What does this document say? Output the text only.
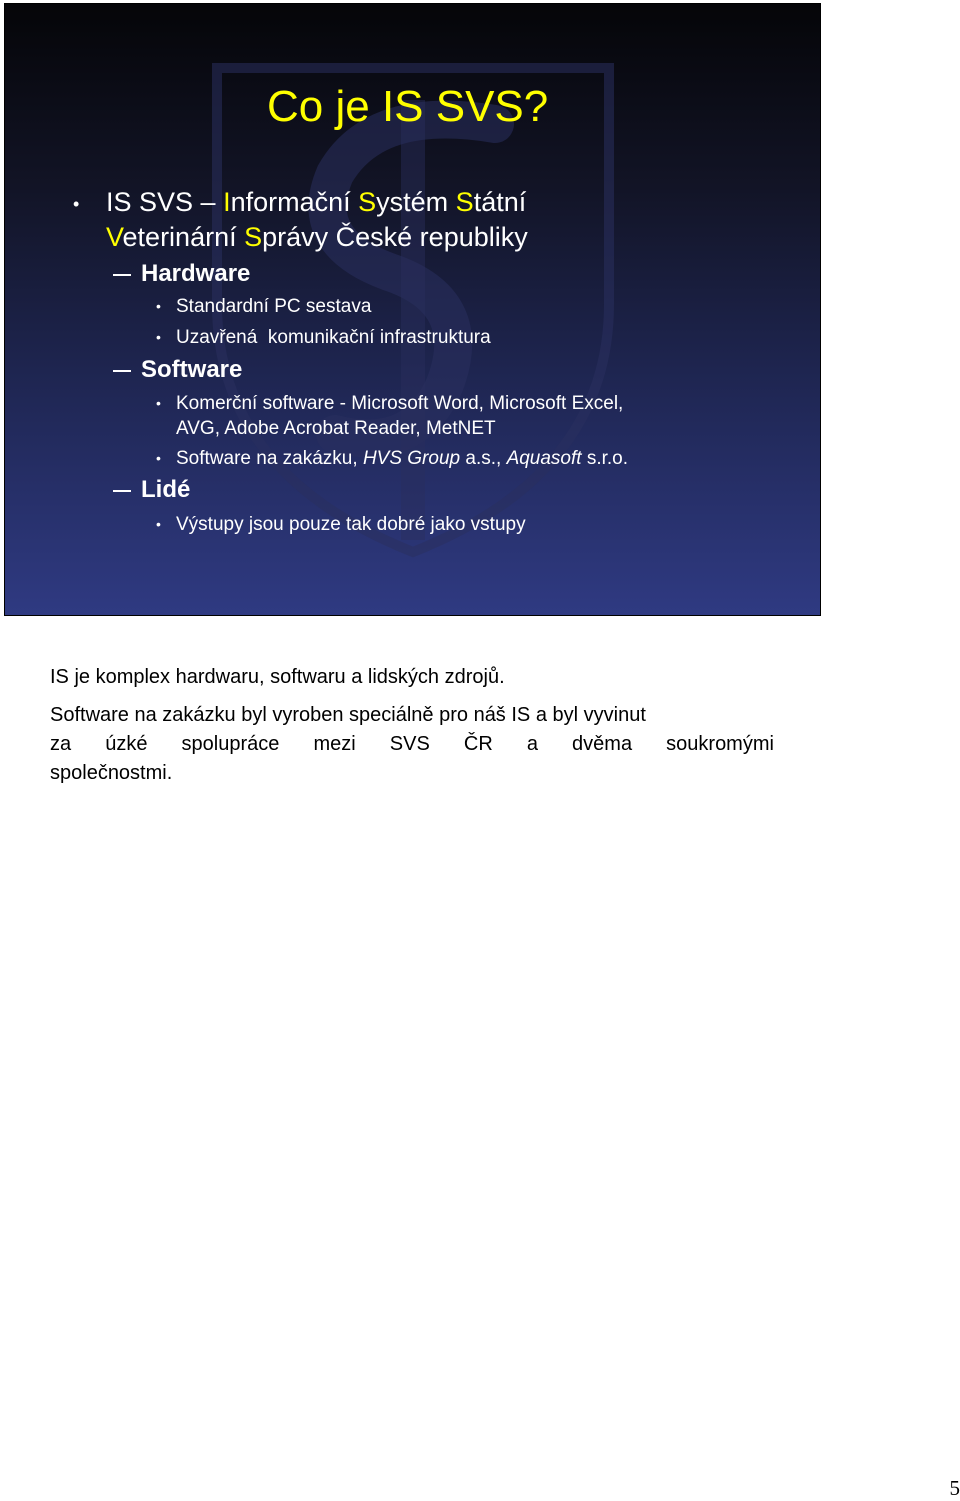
Co je IS SVS?
• IS SVS – Informační Systém Státní
Veterinární Správy České republiky
Hardware
• Standardní PC sestava
• Uzavřená  komunikační infrastruktura
Software
• Komerční software - Microsoft Word, Microsoft Excel,
AVG, Adobe Acrobat Reader, MetNET
• Software na zakázku, HVS Group a.s., Aquasoft s.r.o.
Lidé
• Výstupy jsou pouze tak dobré jako vstupy
IS je komplex hardwaru, softwaru a lidských zdrojů.
Software na zakázku byl vyroben speciálně pro náš IS a byl vyvinut
za úzké spolupráce mezi SVS ČR a dvěma soukromými
společnostmi.
5
